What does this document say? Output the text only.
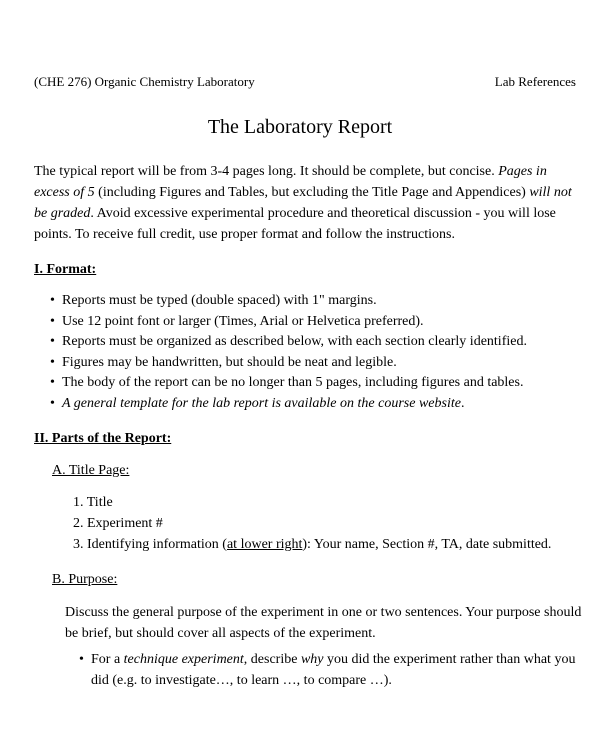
(CHE 276) Organic Chemistry Laboratory	Lab References
The Laboratory Report
The typical report will be from 3-4 pages long. It should be complete, but concise. Pages in excess of 5 (including Figures and Tables, but excluding the Title Page and Appendices) will not be graded. Avoid excessive experimental procedure and theoretical discussion - you will lose points. To receive full credit, use proper format and follow the instructions.
I. Format:
• Reports must be typed (double spaced) with 1" margins.
• Use 12 point font or larger (Times, Arial or Helvetica preferred).
• Reports must be organized as described below, with each section clearly identified.
• Figures may be handwritten, but should be neat and legible.
• The body of the report can be no longer than 5 pages, including figures and tables.
• A general template for the lab report is available on the course website.
II. Parts of the Report:
A. Title Page:
1. Title
2. Experiment #
3. Identifying information (at lower right): Your name, Section #, TA, date submitted.
B. Purpose:
Discuss the general purpose of the experiment in one or two sentences. Your purpose should be brief, but should cover all aspects of the experiment.
• For a technique experiment, describe why you did the experiment rather than what you did (e.g. to investigate…, to learn …, to compare …).
